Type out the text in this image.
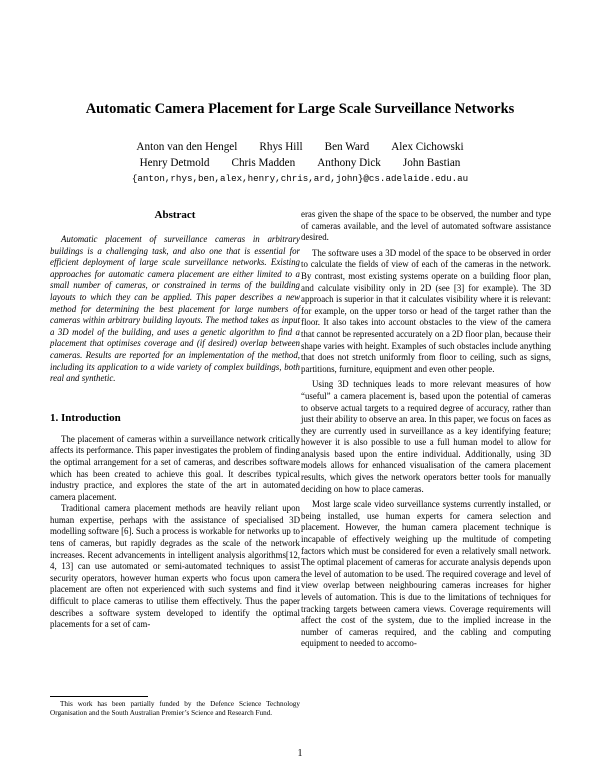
Automatic Camera Placement for Large Scale Surveillance Networks
Anton van den Hengel Rhys Hill Ben Ward Alex Cichowski
Henry Detmold Chris Madden Anthony Dick John Bastian
{anton,rhys,ben,alex,henry,chris,ard,john}@cs.adelaide.edu.au
Abstract

Automatic placement of surveillance cameras in arbitrary buildings is a challenging task, and also one that is essential for efficient deployment of large scale surveillance networks. Existing approaches for automatic camera placement are either limited to a small number of cameras, or constrained in terms of the building layouts to which they can be applied. This paper describes a new method for determining the best placement for large numbers of cameras within arbitrary building layouts. The method takes as input a 3D model of the building, and uses a genetic algorithm to find a placement that optimises coverage and (if desired) overlap between cameras. Results are reported for an implementation of the method, including its application to a wide variety of complex buildings, both real and synthetic.

1. Introduction

The placement of cameras within a surveillance network critically affects its performance. This paper investigates the problem of finding the optimal arrangement for a set of cameras, and describes software which has been created to achieve this goal. It describes typical industry practice, and explores the state of the art in automated camera placement.

Traditional camera placement methods are heavily reliant upon human expertise, perhaps with the assistance of specialised 3D modelling software [6]. Such a process is workable for networks up to tens of cameras, but rapidly degrades as the scale of the network increases. Recent advancements in intelligent analysis algorithms[12, 4, 13] can use automated or semi-automated techniques to assist security operators, however human experts who focus upon camera placement are often not experienced with such systems and find it difficult to place cameras to utilise them effectively. Thus the paper describes a software system developed to identify the optimal placements for a set of cam-

eras given the shape of the space to be observed, the number and type of cameras available, and the level of automated software assistance desired.

The software uses a 3D model of the space to be observed in order to calculate the fields of view of each of the cameras in the network. By contrast, most existing systems operate on a building floor plan, and calculate visibility only in 2D (see [3] for example). The 3D approach is superior in that it calculates visibility where it is relevant: for example, on the upper torso or head of the target rather than the floor. It also takes into account obstacles to the view of the camera that cannot be represented accurately on a 2D floor plan, because their shape varies with height. Examples of such obstacles include anything that does not stretch uniformly from floor to ceiling, such as signs, partitions, furniture, equipment and even other people.

Using 3D techniques leads to more relevant measures of how “useful” a camera placement is, based upon the potential of cameras to observe actual targets to a required degree of accuracy, rather than just their ability to observe an area. In this paper, we focus on faces as they are currently used in surveillance as a key identifying feature; however it is also possible to use a full human model to allow for analysis based upon the entire individual. Additionally, using 3D models allows for enhanced visualisation of the camera placement results, which gives the network operators better tools for manually deciding on how to place cameras.

Most large scale video surveillance systems currently installed, or being installed, use human experts for camera selection and placement. However, the human camera placement technique is incapable of effectively weighing up the multitude of competing factors which must be considered for even a relatively small network. The optimal placement of cameras for accurate analysis depends upon the level of automation to be used. The required coverage and level of view overlap between neighbouring cameras increases for higher levels of automation. This is due to the limitations of techniques for tracking targets between camera views. Coverage requirements will affect the cost of the system, due to the implied increase in the number of cameras required, and the cabling and computing equipment to needed to accomo-

This work has been partially funded by the Defence Science Technology Organisation and the South Australian Premier’s Science and Research Fund.

1
